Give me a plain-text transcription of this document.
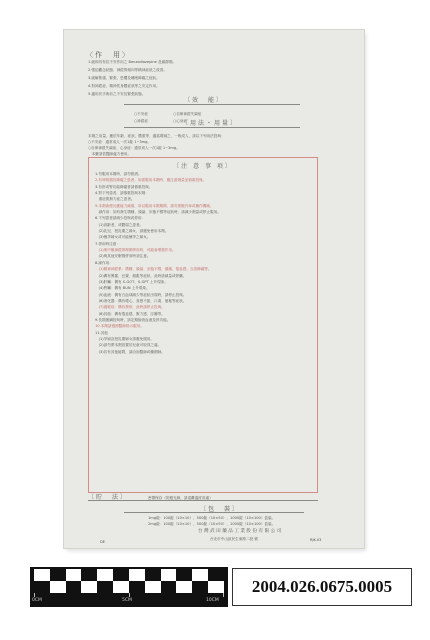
〈作　用〉
1.緩和具有抗不安作用之 Benzodiazepine 及鎮靜劑。
2.強迫觀念狀態、神經質傾向等精神症狀之改善。
3.緩解焦慮、緊張、恐懼及睡眠障礙之症狀。
4.對神經症、精神性身體症狀等之安定作用。
5.適用於手術前之不安及緊張狀態。
〔效　能〕
○不安症　　　　　　　○自律神經失調症
○神經症　　　　　　　○心身症
〔用法・用量〕
本劑之用量，應依年齡、症狀、體重等，適當增減之，一般成人，請以下列用法投與：
○不安症：通常成人一次1錠 1~3mg。
○自律神經失調症、心身症：通常成人一次1錠 1~3mg。
　本藥須依醫師處方使用。
〔注 意 事 項〕
1.勿服用本劑時，請勿飲酒。
2.有呼吸器官障礙之患者，如需服用本劑時，應注意劑量並慎重投與。
3.有肝或腎功能障礙者請慎重投與。
4.對下列患者，請慎重投與本劑：
　重症肌無力症之患者。
5.本劑會使反應能力減弱，所以服用本劑期間，請勿駕駛汽車或操作機械。
　副作用：如有發生嗜睡、頭暈、步態不穩等症狀時，請減少劑量或停止服用。
6.下列患者請減少投與或停用：
　(1)高齡者，或體弱之患者。
　(2)乳兒、授乳期之婦女，請避免使用本劑。
　(3)懷孕婦女或可能懷孕之婦女。
7.併用時注意：
　(1)與中樞神經抑制劑併用時，可能會增強作用。
　(2)與其他安眠劑併用時須注意。
8.副作用：
　(1)精神神經系：嗜睡、頭暈、步態不穩、頭痛、倦怠感、言語障礙等。
　(2)偶有興奮、幻覺、錯亂等症狀，此時請減量或停藥。
　(3)肝臟：偶有 S-GOT、S-GPT 上升現象。
　(4)腎臟：偶有 BUN 上升現象。
　(5)血液：偶有白血球減少等症狀出現時，請停止投與。
　(6)消化器：偶有噁心、食慾不振、口渴、便秘等症狀。
　(7)過敏症：偶有發疹，此時請停止投與。
　(8)其他：偶有倦怠感、脫力感、浮腫等。
9.長期連續投與時，請定期檢查血液及肝功能。
10.本劑請遵照醫師指示服用。
11.其他
　(1)孕婦及授乳期婦女請避免服用。
　(2)請勿將本劑放置於兒童可取得之處。
　(3)若有其他疑問，請洽詢醫師或藥劑師。
〔貯　法〕	密閉保存（防避光線，請遠離溫度高處）
〔包　裝〕
1mg錠：100錠（10×10）、500錠（10×50）、1000錠（10×100）盒裝。
2mg錠：100錠（10×10）、500錠（10×50）、1000錠（10×100）盒裝。
台 灣 武 田 藥 品 工 業 股 份 有 限 公 司
台北市中山區民生東路二段 號
DE	RJK-03
0CM	5CM	10CM
2004.026.0675.0005
